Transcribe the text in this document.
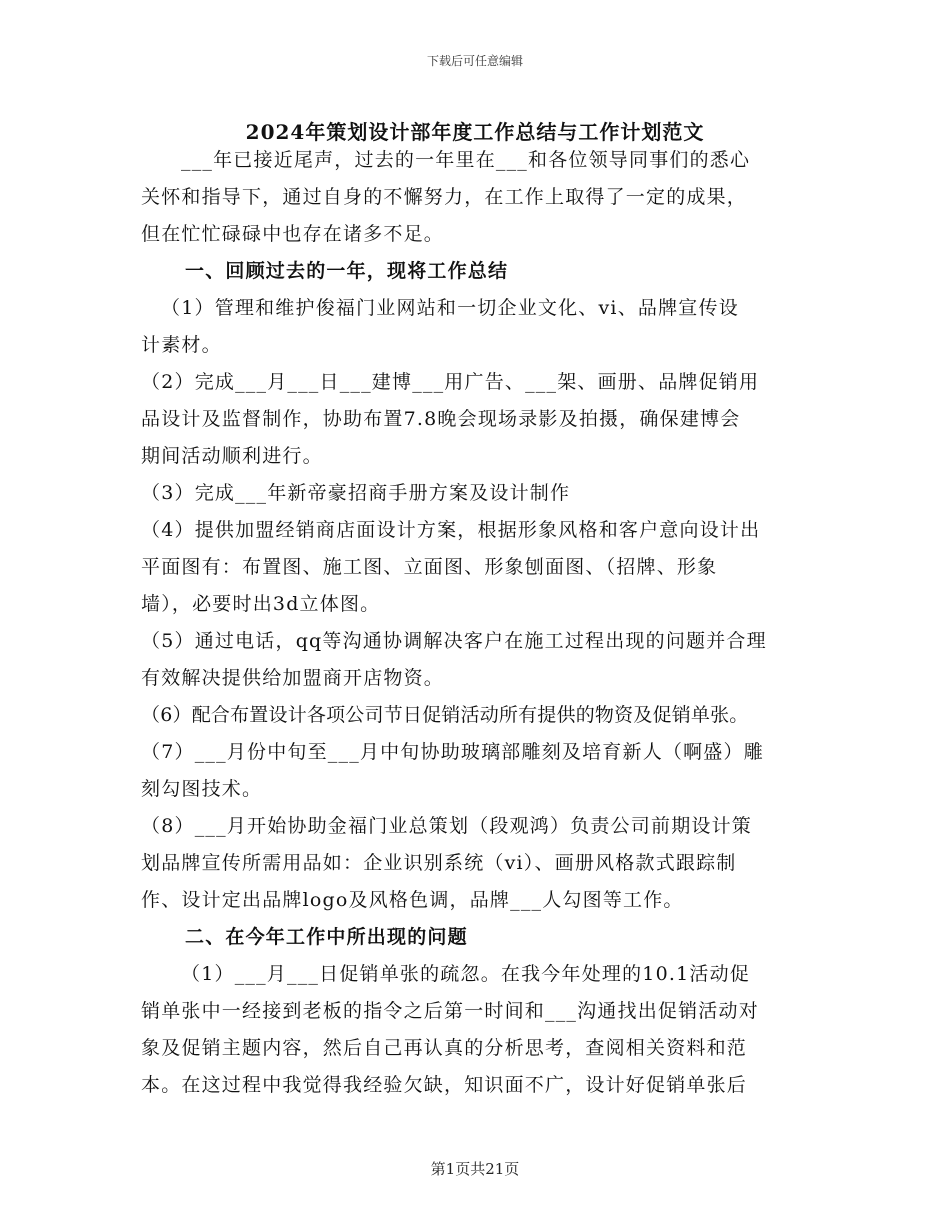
下载后可任意编辑
2024年策划设计部年度工作总结与工作计划范文
___年已接近尾声，过去的一年里在___和各位领导同事们的悉心
关怀和指导下，通过自身的不懈努力，在工作上取得了一定的成果，
但在忙忙碌碌中也存在诸多不足。
一、回顾过去的一年，现将工作总结
（1）管理和维护俊福门业网站和一切企业文化、vi、品牌宣传设
计素材。
（2）完成___月___日___建博___用广告、___架、画册、品牌促销用
品设计及监督制作，协助布置7.8晚会现场录影及拍摄，确保建博会
期间活动顺利进行。
（3）完成___年新帝豪招商手册方案及设计制作
（4）提供加盟经销商店面设计方案，根据形象风格和客户意向设计出
平面图有：布置图、施工图、立面图、形象刨面图、（招牌、形象
墙），必要时出3d立体图。
（5）通过电话，qq等沟通协调解决客户在施工过程出现的问题并合理
有效解决提供给加盟商开店物资。
（6）配合布置设计各项公司节日促销活动所有提供的物资及促销单张。
（7）___月份中旬至___月中旬协助玻璃部雕刻及培育新人（啊盛）雕
刻勾图技术。
（8）___月开始协助金福门业总策划（段观鸿）负责公司前期设计策
划品牌宣传所需用品如：企业识别系统（vi）、画册风格款式跟踪制
作、设计定出品牌logo及风格色调，品牌___人勾图等工作。
二、在今年工作中所出现的问题
（1）___月___日促销单张的疏忽。在我今年处理的10.1活动促
销单张中一经接到老板的指令之后第一时间和___沟通找出促销活动对
象及促销主题内容，然后自己再认真的分析思考，查阅相关资料和范
本。在这过程中我觉得我经验欠缺，知识面不广，设计好促销单张后
第1页共21页
